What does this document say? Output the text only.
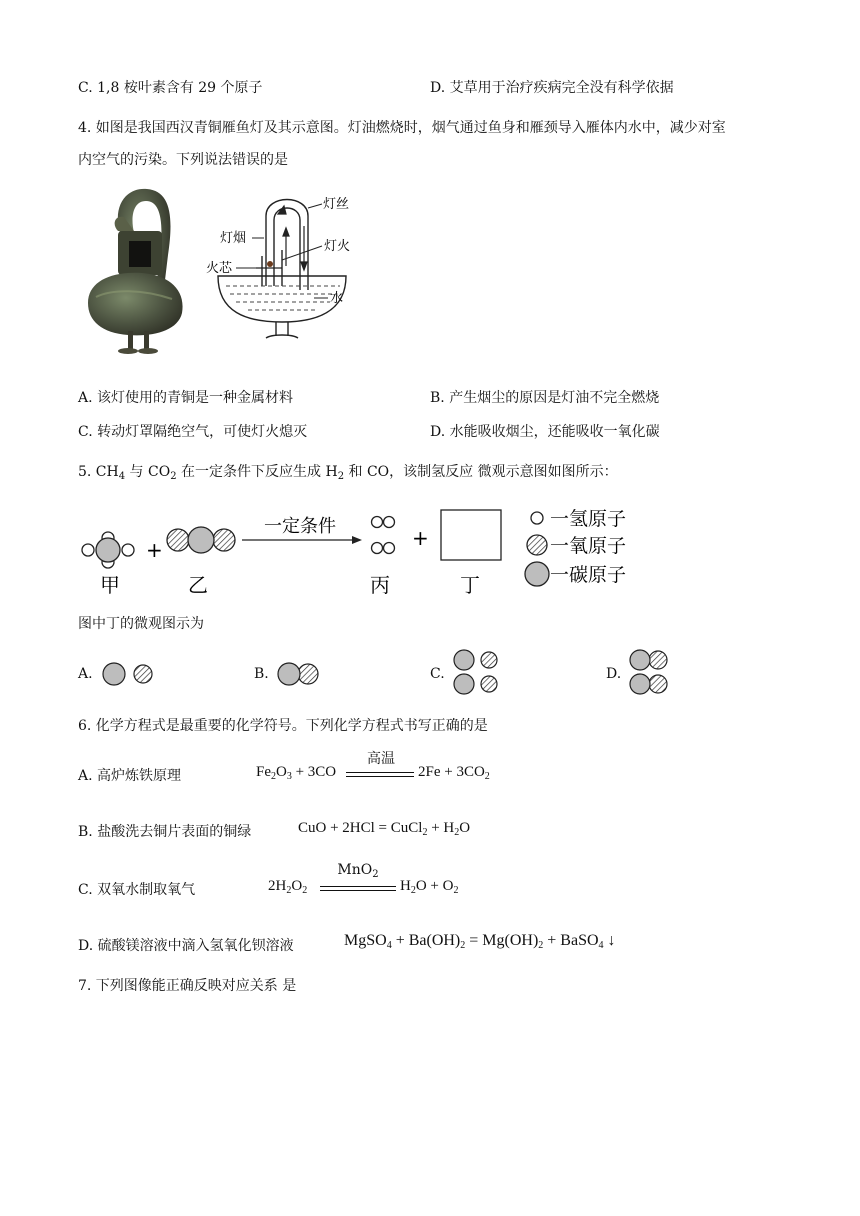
C. 1,8 桉叶素含有 29 个原子	D. 艾草用于治疗疾病完全没有科学依据
4. 如图是我国西汉青铜雁鱼灯及其示意图。灯油燃烧时，烟气通过鱼身和雁颈导入雁体内水中，减少对室
内空气的污染。下列说法错误的是
灯丝
灯烟
灯火
火芯
水
A. 该灯使用的青铜是一种金属材料	B. 产生烟尘的原因是灯油不完全燃烧
C. 转动灯罩隔绝空气，可使灯火熄灭	D. 水能吸收烟尘，还能吸收一氧化碳
5. $CH_4$ 与 $CO_2$ 在一定条件下反应生成 $H_2$ 和 CO，该制氢反应 微观示意图如图所示：
+
一定条件	+
甲	乙	丙	丁
一氢原子
一氧原子
一碳原子
图中丁的微观图示为
A.	B.	C.	D.
6. 化学方程式是最重要的化学符号。下列化学方程式书写正确的是
A. 高炉炼铁原理	$Fe_2O_3 + 3CO$
高温
$2Fe + 3CO_2$
B. 盐酸洗去铜片表面的铜绿	CuO + 2HCl = CuCl$_2$ + $H_2O$
C. 双氧水制取氧气	$2H_2O_2$
MnO$_2$
$H_2O + O_2$
D. 硫酸镁溶液中滴入氢氧化钡溶液	MgSO$_4$ + $Ba(OH)_2 = Mg(OH)_2$ + BaSO$_4$ ↓
7. 下列图像能正确反映对应关系 是
